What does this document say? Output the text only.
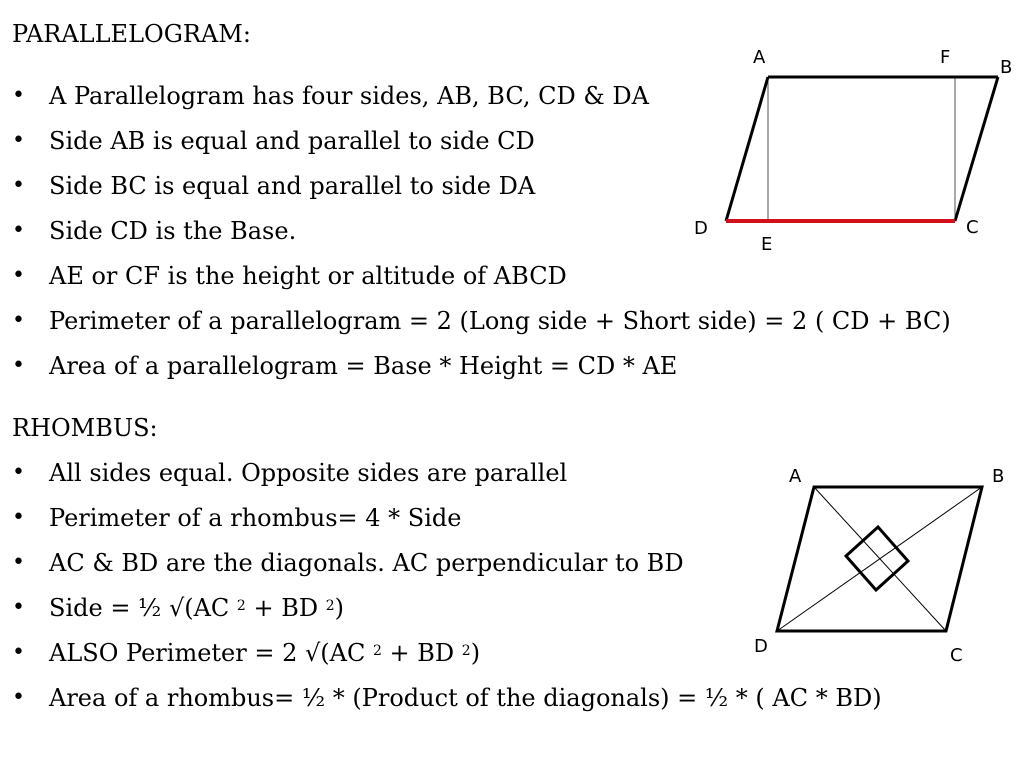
PARALLELOGRAM:
• A Parallelogram has four sides, AB, BC, CD & DA
• Side AB is equal and parallel to side CD
• Side BC is equal and parallel to side DA
• Side CD is the Base.
• AE or CF is the height or altitude of ABCD
• Perimeter of a parallelogram = 2 (Long side + Short side) = 2 ( CD + BC)
• Area of a parallelogram = Base * Height = CD * AE
RHOMBUS:
• All sides equal. Opposite sides are parallel
• Perimeter of a rhombus= 4 * Side
• AC & BD are the diagonals. AC perpendicular to BD
• Side = ½ √(AC $^2$ + BD $^2$)
• ALSO Perimeter = 2 √(AC $^2$ + BD $^2$)
• Area of a rhombus= ½ * (Product of the diagonals) = ½ * ( AC * BD)
A	F	B
D	C
E
A	B
D	C
